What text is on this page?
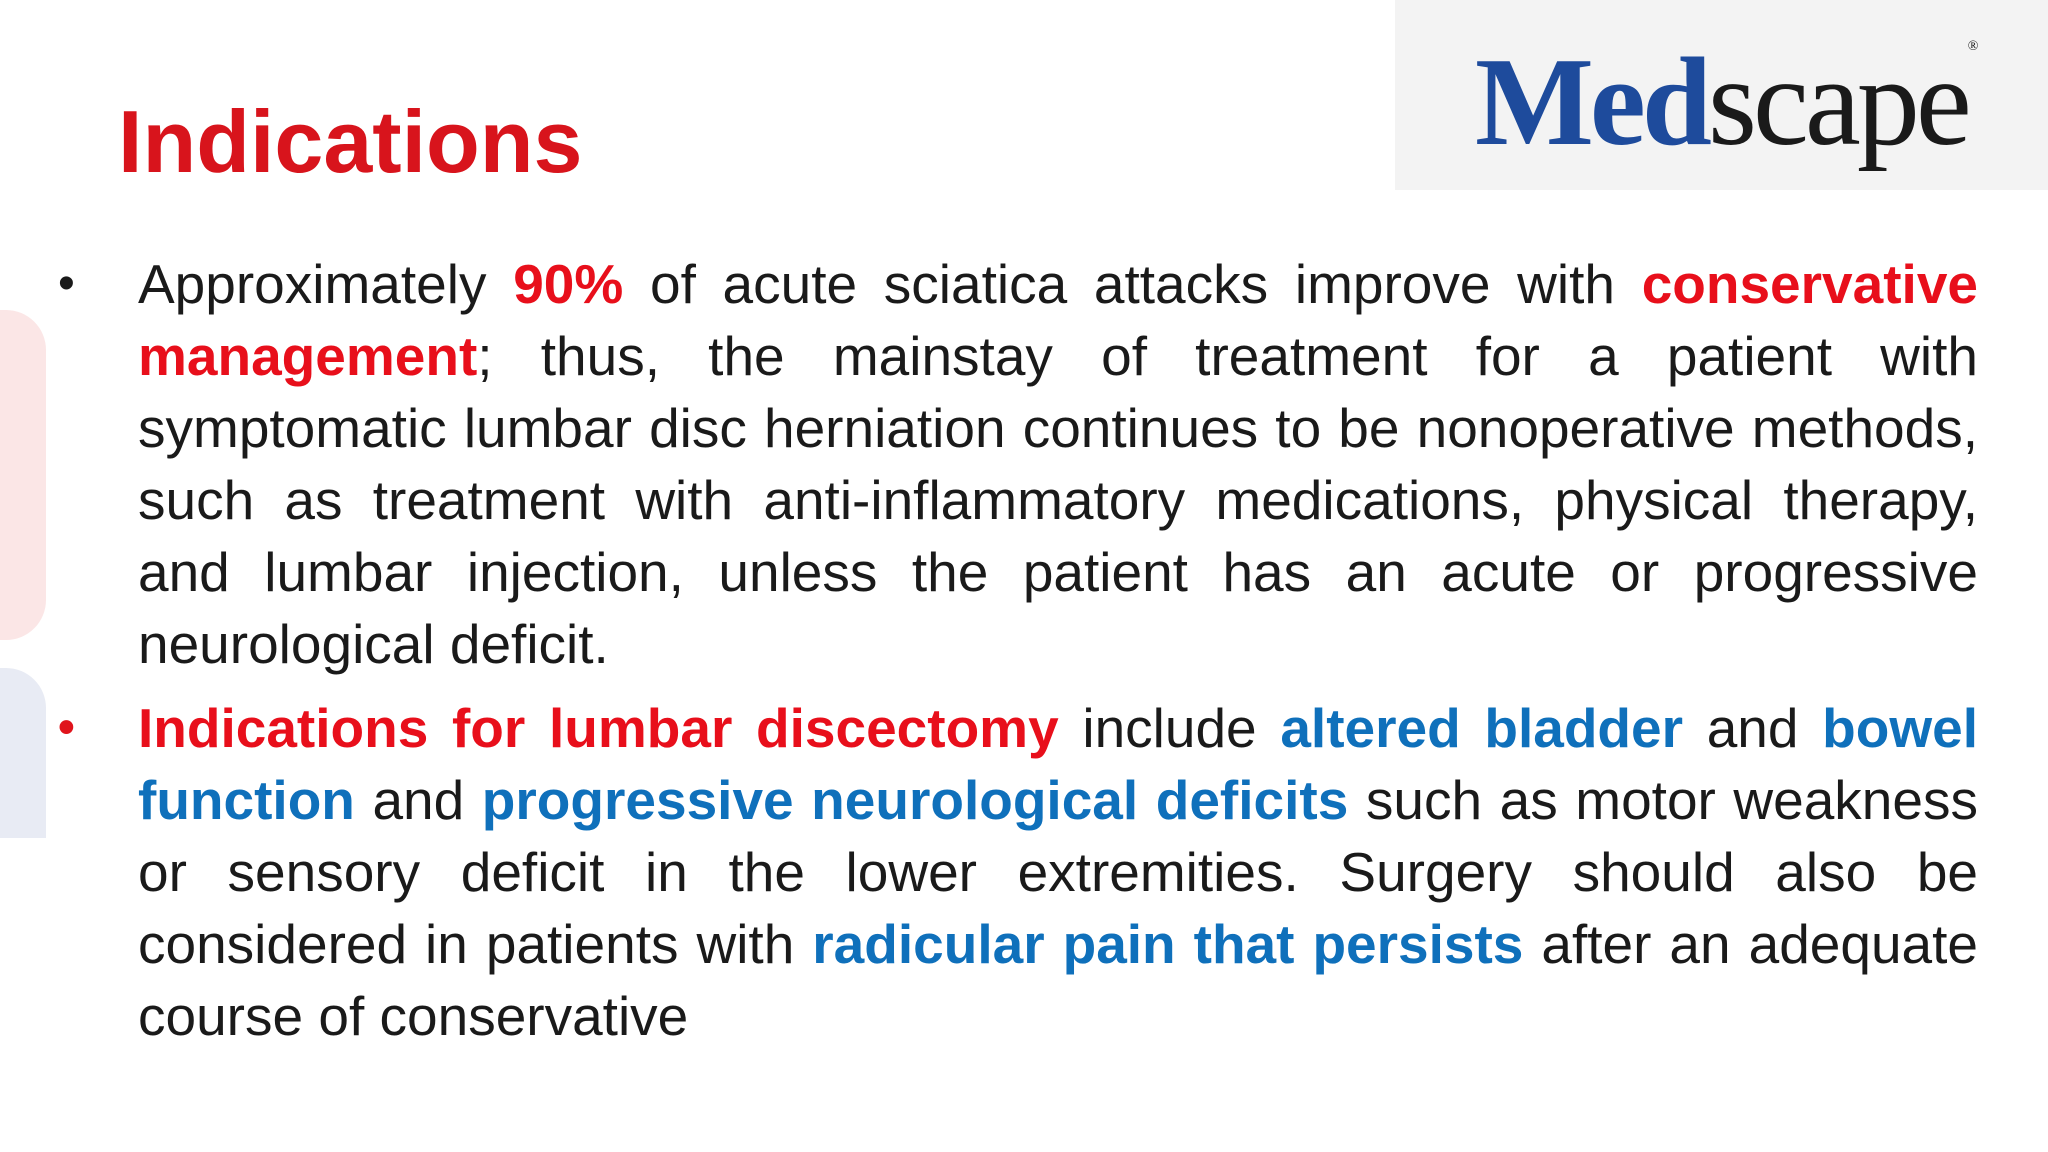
Medscape®
Indications
• Approximately 90% of acute sciatica attacks improve with conservative management; thus, the mainstay of treatment for a patient with symptomatic lumbar disc herniation continues to be nonoperative methods, such as treatment with anti-inflammatory medications, physical therapy, and lumbar injection, unless the patient has an acute or progressive neurological deficit.
• Indications for lumbar discectomy include altered bladder and bowel function and progressive neurological deficits such as motor weakness or sensory deficit in the lower extremities. Surgery should also be considered in patients with radicular pain that persists after an adequate course of conservative
